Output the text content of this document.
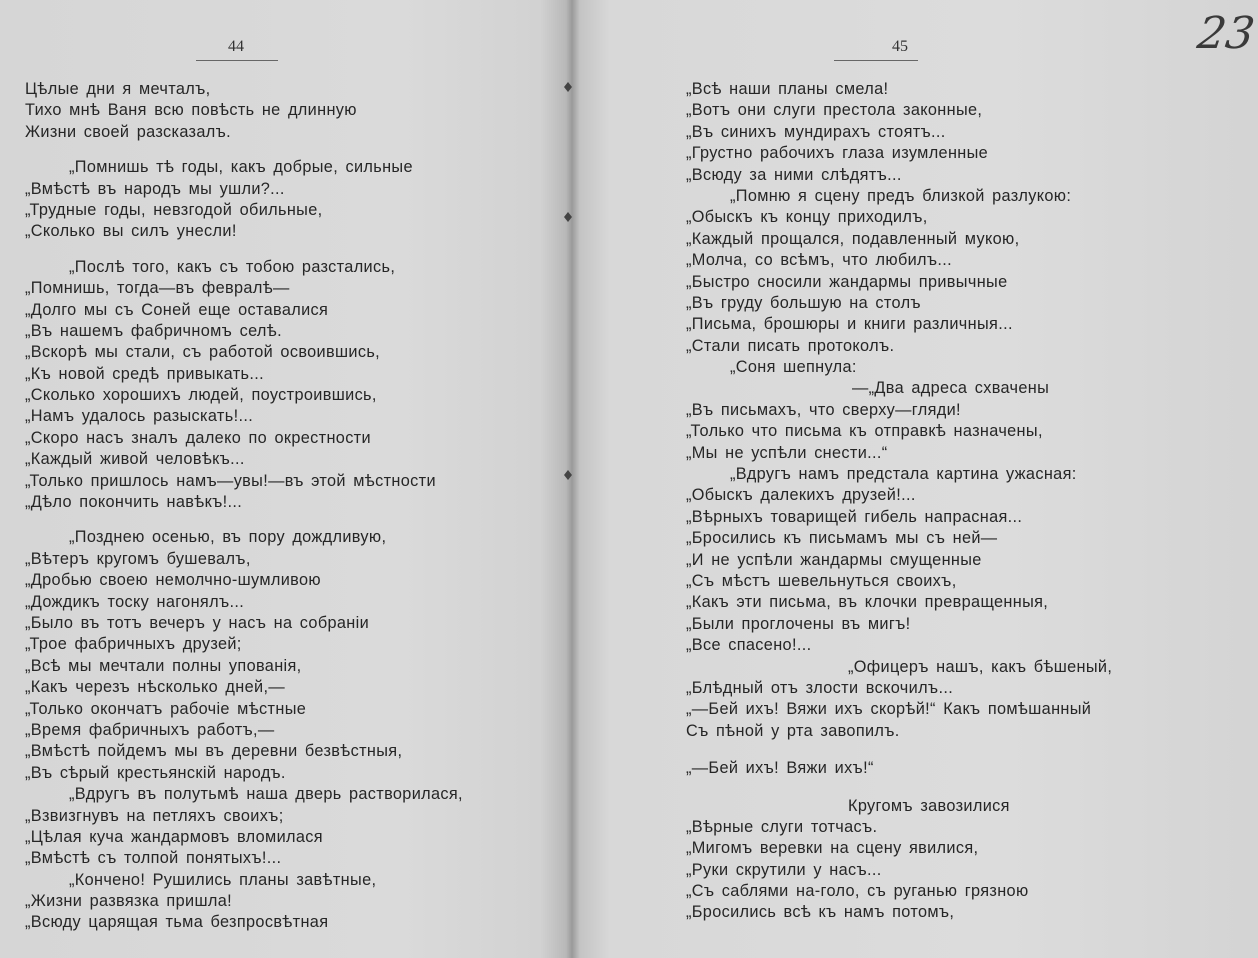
23
44
Цѣлые дни я мечталъ,
Тихо мнѣ Ваня всю повѣсть не длинную
Жизни своей разсказалъ.
„Помнишь тѣ годы, какъ добрые, сильные
„Вмѣстѣ въ народъ мы ушли?...
„Трудные годы, невзгодой обильные,
„Сколько вы силъ унесли!
„Послѣ того, какъ съ тобою разстались,
„Помнишь, тогда—въ февралѣ—
„Долго мы съ Соней еще оставалися
„Въ нашемъ фабричномъ селѣ.
„Вскорѣ мы стали, съ работой освоившись,
„Къ новой средѣ привыкать...
„Сколько хорошихъ людей, поустроившись,
„Намъ удалось разыскать!...
„Скоро насъ зналъ далеко по окрестности
„Каждый живой человѣкъ...
„Только пришлось намъ—увы!—въ этой мѣстности
„Дѣло покончить навѣкъ!...
„Позднею осенью, въ пору дождливую,
„Вѣтеръ кругомъ бушевалъ,
„Дробью своею немолчно-шумливою
„Дождикъ тоску нагонялъ...
„Было въ тотъ вечеръ у насъ на собраніи
„Трое фабричныхъ друзей;
„Всѣ мы мечтали полны упованія,
„Какъ черезъ нѣсколько дней,—
„Только окончатъ рабочіе мѣстные
„Время фабричныхъ работъ,—
„Вмѣстѣ пойдемъ мы въ деревни безвѣстныя,
„Въ сѣрый крестьянскій народъ.
„Вдругъ въ полутьмѣ наша дверь растворилася,
„Взвизгнувъ на петляхъ своихъ;
„Цѣлая куча жандармовъ вломилася
„Вмѣстѣ съ толпой понятыхъ!...
„Кончено! Рушились планы завѣтные,
„Жизни развязка пришла!
„Всюду царящая тьма безпросвѣтная
45
„Всѣ наши планы смела!
„Вотъ они слуги престола законные,
„Въ синихъ мундирахъ стоятъ...
„Грустно рабочихъ глаза изумленные
„Всюду за ними слѣдятъ...
„Помню я сцену предъ близкой разлукою:
„Обыскъ къ концу приходилъ,
„Каждый прощался, подавленный мукою,
„Молча, со всѣмъ, что любилъ...
„Быстро сносили жандармы привычные
„Въ груду большую на столъ
„Письма, брошюры и книги различныя...
„Стали писать протоколъ.
„Соня шепнула:
—„Два адреса схвачены
„Въ письмахъ, что сверху—гляди!
„Только что письма къ отправкѣ назначены,
„Мы не успѣли снести...“
„Вдругъ намъ предстала картина ужасная:
„Обыскъ далекихъ друзей!...
„Вѣрныхъ товарищей гибель напрасная...
„Бросились къ письмамъ мы съ ней—
„И не успѣли жандармы смущенные
„Съ мѣстъ шевельнуться своихъ,
„Какъ эти письма, въ клочки превращенныя,
„Были проглочены въ мигъ!
„Все спасено!...
„Офицеръ нашъ, какъ бѣшеный,
„Блѣдный отъ злости вскочилъ...
„—Бей ихъ! Вяжи ихъ скорѣй!“ Какъ помѣшанный
Съ пѣной у рта завопилъ.
„—Бей ихъ! Вяжи ихъ!“
Кругомъ завозилися
„Вѣрные слуги тотчасъ.
„Мигомъ веревки на сцену явилися,
„Руки скрутили у насъ...
„Съ саблями на-голо, съ руганью грязною
„Бросились всѣ къ намъ потомъ,
